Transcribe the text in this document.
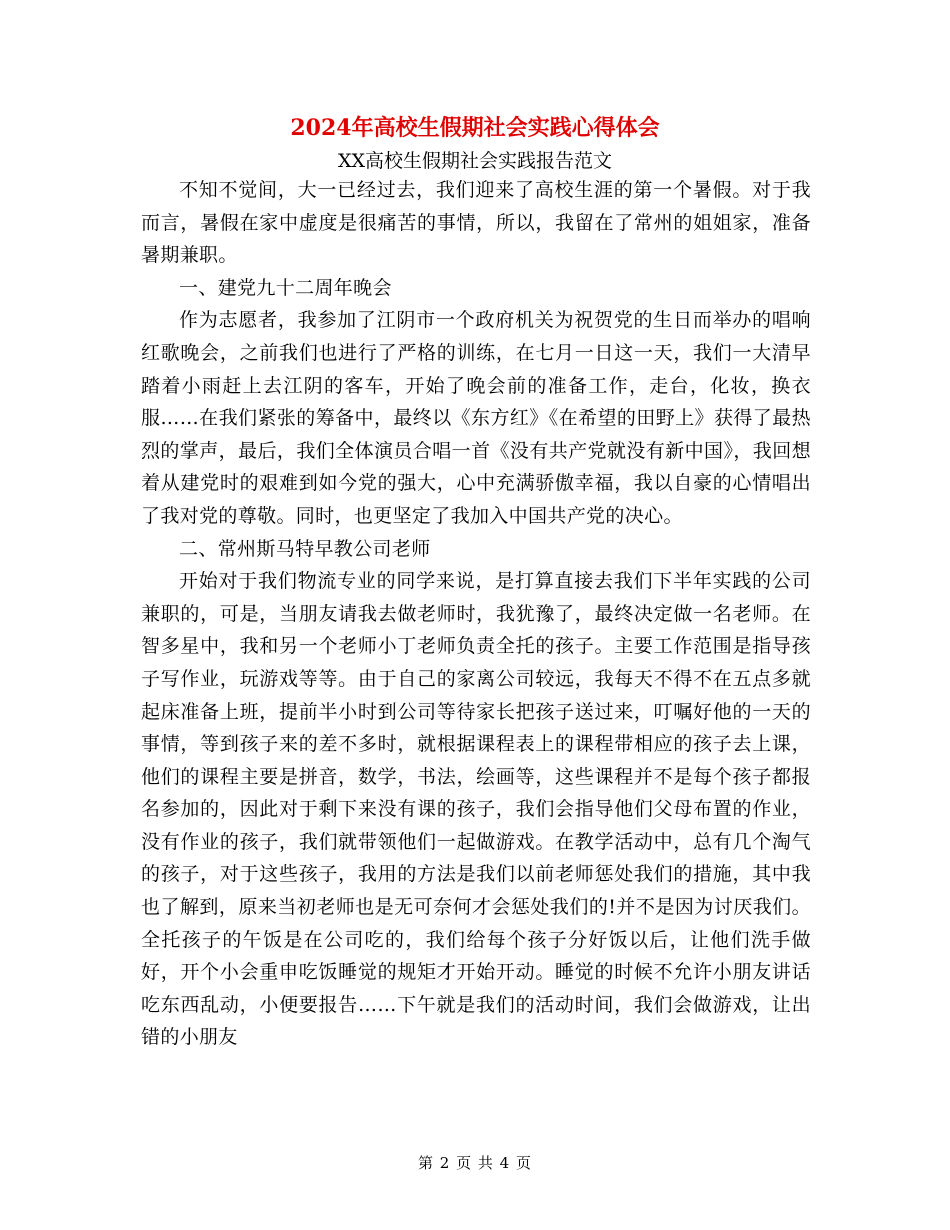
2024年高校生假期社会实践心得体会
XX高校生假期社会实践报告范文

不知不觉间，大一已经过去，我们迎来了高校生涯的第一个暑假。对于我而言，暑假在家中虚度是很痛苦的事情，所以，我留在了常州的姐姐家，准备暑期兼职。

一、建党九十二周年晚会

作为志愿者，我参加了江阴市一个政府机关为祝贺党的生日而举办的唱响红歌晚会，之前我们也进行了严格的训练，在七月一日这一天，我们一大清早踏着小雨赶上去江阴的客车，开始了晚会前的准备工作，走台，化妆，换衣服……在我们紧张的筹备中，最终以《东方红》《在希望的田野上》获得了最热烈的掌声，最后，我们全体演员合唱一首《没有共产党就没有新中国》，我回想着从建党时的艰难到如今党的强大，心中充满骄傲幸福，我以自豪的心情唱出了我对党的尊敬。同时，也更坚定了我加入中国共产党的决心。

二、常州斯马特早教公司老师

开始对于我们物流专业的同学来说，是打算直接去我们下半年实践的公司兼职的，可是，当朋友请我去做老师时，我犹豫了，最终决定做一名老师。在智多星中，我和另一个老师小丁老师负责全托的孩子。主要工作范围是指导孩子写作业，玩游戏等等。由于自己的家离公司较远，我每天不得不在五点多就起床准备上班，提前半小时到公司等待家长把孩子送过来，叮嘱好他的一天的事情，等到孩子来的差不多时，就根据课程表上的课程带相应的孩子去上课，他们的课程主要是拼音，数学，书法，绘画等，这些课程并不是每个孩子都报名参加的，因此对于剩下来没有课的孩子，我们会指导他们父母布置的作业，没有作业的孩子，我们就带领他们一起做游戏。在教学活动中，总有几个淘气的孩子，对于这些孩子，我用的方法是我们以前老师惩处我们的措施，其中我也了解到，原来当初老师也是无可奈何才会惩处我们的!并不是因为讨厌我们。全托孩子的午饭是在公司吃的，我们给每个孩子分好饭以后，让他们洗手做好，开个小会重申吃饭睡觉的规矩才开始开动。睡觉的时候不允许小朋友讲话吃东西乱动，小便要报告……下午就是我们的活动时间，我们会做游戏，让出错的小朋友

第 2 页 共 4 页
